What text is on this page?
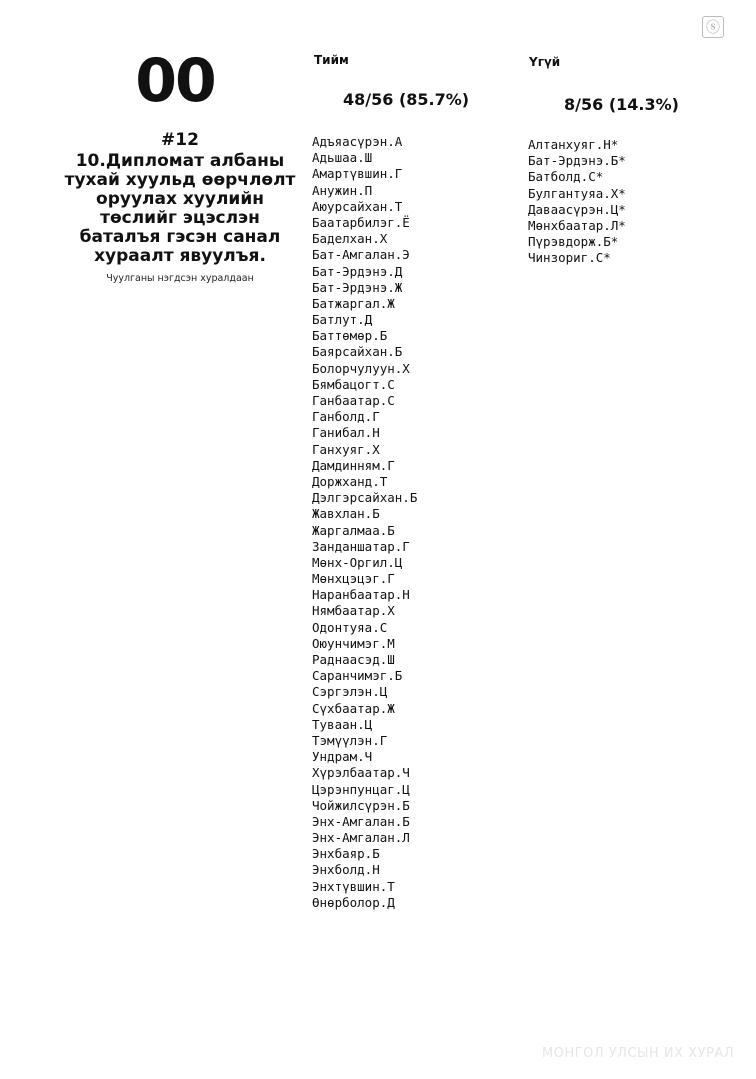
ⓢ
00
#12
10.Дипломат албаны тухай хуульд өөрчлөлт оруулах хуулийн төслийг эцэслэн баталъя гэсэн санал хураалт явуулъя.
Чуулганы нэгдсэн хуралдаан
Тийм
48/56 (85.7%)
Адъяасүрэн.А
Адьшаа.Ш
Амартүвшин.Г
Анужин.П
Аюурсайхан.Т
Баатарбилэг.Ё
Баделхан.Х
Бат-Амгалан.Э
Бат-Эрдэнэ.Д
Бат-Эрдэнэ.Ж
Батжаргал.Ж
Батлут.Д
Баттөмөр.Б
Баярсайхан.Б
Болорчулуун.Х
Бямбацогт.С
Ганбаатар.С
Ганболд.Г
Ганибал.Н
Ганхуяг.Х
Дамдинням.Г
Доржханд.Т
Дэлгэрсайхан.Б
Жавхлан.Б
Жаргалмаа.Б
Занданшатар.Г
Мөнх-Оргил.Ц
Мөнхцэцэг.Г
Наранбаатар.Н
Нямбаатар.Х
Одонтуяа.С
Оюунчимэг.М
Раднаасэд.Ш
Саранчимэг.Б
Сэргэлэн.Ц
Сүхбаатар.Ж
Туваан.Ц
Тэмүүлэн.Г
Ундрам.Ч
Хүрэлбаатар.Ч
Цэрэнпунцаг.Ц
Чойжилсүрэн.Б
Энх-Амгалан.Б
Энх-Амгалан.Л
Энхбаяр.Б
Энхболд.Н
Энхтүвшин.Т
Өнөрболор.Д
Үгүй
8/56 (14.3%)
Алтанхуяг.Н*
Бат-Эрдэнэ.Б*
Батболд.С*
Булгантуяа.Х*
Даваасүрэн.Ц*
Мөнхбаатар.Л*
Пүрэвдорж.Б*
Чинзориг.С*
МОНГОЛ УЛСЫН ИХ ХУРАЛ
